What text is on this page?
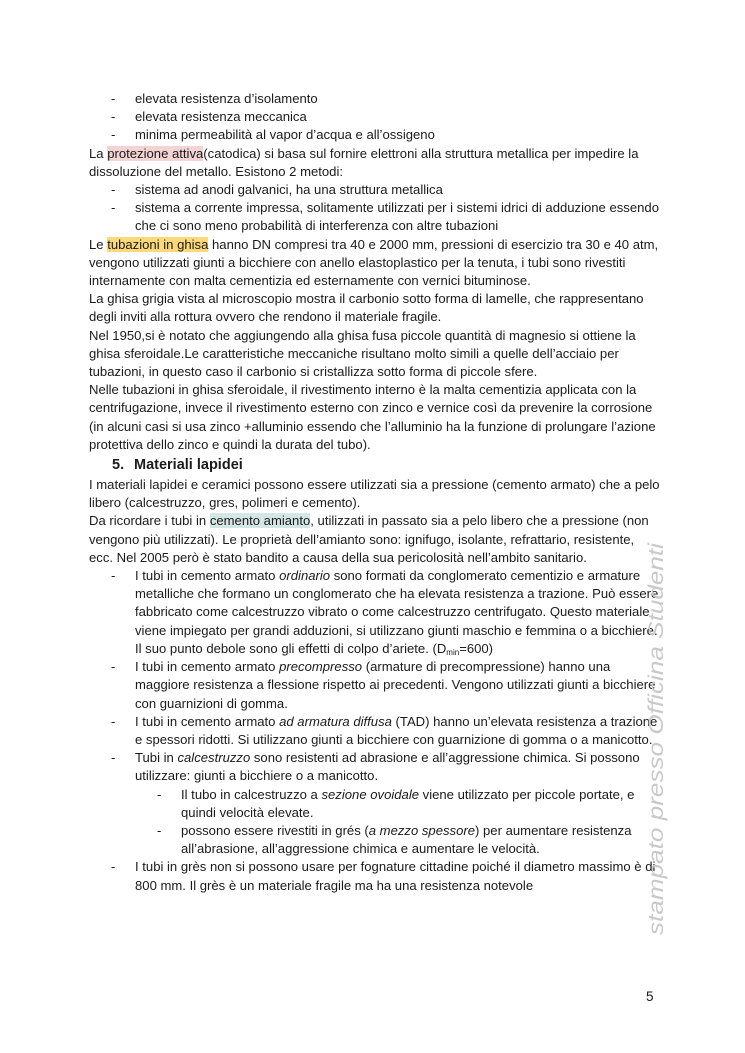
- elevata resistenza d’isolamento
- elevata resistenza meccanica
- minima permeabilità al vapor d’acqua e all’ossigeno

La protezione attiva(catodica) si basa sul fornire elettroni alla struttura metallica per impedire la dissoluzione del metallo. Esistono 2 metodi:

- sistema ad anodi galvanici, ha una struttura metallica
- sistema a corrente impressa, solitamente utilizzati per i sistemi idrici di adduzione essendo che ci sono meno probabilità di interferenza con altre tubazioni

Le tubazioni in ghisa hanno DN compresi tra 40 e 2000 mm, pressioni di esercizio tra 30 e 40 atm, vengono utilizzati giunti a bicchiere con anello elastoplastico per la tenuta, i tubi sono rivestiti internamente con malta cementizia ed esternamente con vernici bituminose.

La ghisa grigia vista al microscopio mostra il carbonio sotto forma di lamelle, che rappresentano degli inviti alla rottura ovvero che rendono il materiale fragile.

Nel 1950,si è notato che aggiungendo alla ghisa fusa piccole quantità di magnesio si ottiene la ghisa sferoidale.Le caratteristiche meccaniche risultano molto simili a quelle dell’acciaio per tubazioni, in questo caso il carbonio si cristallizza sotto forma di piccole sfere.

Nelle tubazioni in ghisa sferoidale, il rivestimento interno è la malta cementizia applicata con la centrifugazione, invece il rivestimento esterno con zinco e vernice così da prevenire la corrosione (in alcuni casi si usa zinco +alluminio essendo che l’alluminio ha la funzione di prolungare l’azione protettiva dello zinco e quindi la durata del tubo).

5. Materiali lapidei

I materiali lapidei e ceramici possono essere utilizzati sia a pressione (cemento armato) che a pelo libero (calcestruzzo, gres, polimeri e cemento).

Da ricordare i tubi in cemento amianto, utilizzati in passato sia a pelo libero che a pressione (non vengono più utilizzati). Le proprietà dell’amianto sono: ignifugo, isolante, refrattario, resistente, ecc. Nel 2005 però è stato bandito a causa della sua pericolosità nell’ambito sanitario.

- I tubi in cemento armato ordinario sono formati da conglomerato cementizio e armature metalliche che formano un conglomerato che ha elevata resistenza a trazione. Può essere fabbricato come calcestruzzo vibrato o come calcestruzzo centrifugato. Questo materiale viene impiegato per grandi adduzioni, si utilizzano giunti maschio e femmina o a bicchiere. Il suo punto debole sono gli effetti di colpo d’ariete. $(D_{min}=600)$
- I tubi in cemento armato precompresso (armature di precompressione) hanno una maggiore resistenza a flessione rispetto ai precedenti. Vengono utilizzati giunti a bicchiere con guarnizioni di gomma.
- I tubi in cemento armato ad armatura diffusa (TAD) hanno un’elevata resistenza a trazione e spessori ridotti. Si utilizzano giunti a bicchiere con guarnizione di gomma o a manicotto.
- Tubi in calcestruzzo sono resistenti ad abrasione e all’aggressione chimica. Si possono utilizzare: giunti a bicchiere o a manicotto.
- Il tubo in calcestruzzo a sezione ovoidale viene utilizzato per piccole portate, e quindi velocità elevate.
- possono essere rivestiti in grés (a mezzo spessore) per aumentare resistenza all’abrasione, all’aggressione chimica e aumentare le velocità.
- I tubi in grès non si possono usare per fognature cittadine poiché il diametro massimo è di 800 mm. Il grès è un materiale fragile ma ha una resistenza notevole	stampato presso Officina Studenti
5
